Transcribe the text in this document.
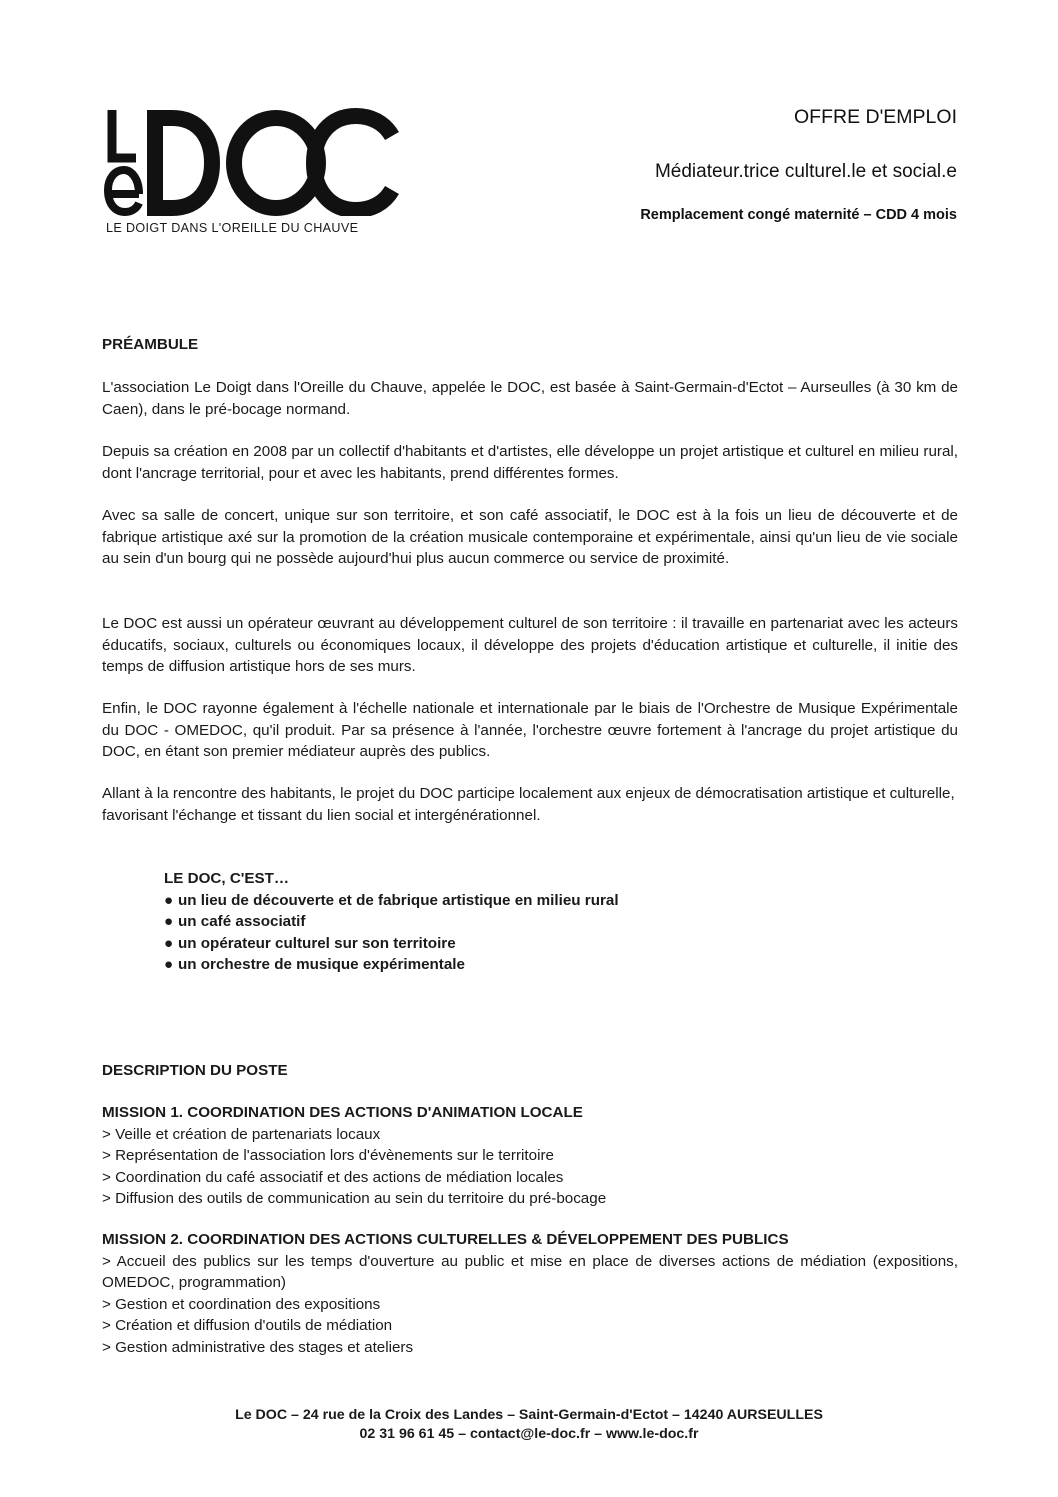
LE DOIGT DANS L'OREILLE DU CHAUVE
OFFRE D'EMPLOI
Médiateur.trice culturel.le et social.e
Remplacement congé maternité – CDD 4 mois

PRÉAMBULE

L'association Le Doigt dans l'Oreille du Chauve, appelée le DOC, est basée à Saint-Germain-d'Ectot – Aurseulles (à 30 km de Caen), dans le pré-bocage normand.

Depuis sa création en 2008 par un collectif d'habitants et d'artistes, elle développe un projet artistique et culturel en milieu rural, dont l'ancrage territorial, pour et avec les habitants, prend différentes formes.

Avec sa salle de concert, unique sur son territoire, et son café associatif, le DOC est à la fois un lieu de découverte et de fabrique artistique axé sur la promotion de la création musicale contemporaine et expérimentale, ainsi qu'un lieu de vie sociale au sein d'un bourg qui ne possède aujourd'hui plus aucun commerce ou service de proximité.

Le DOC est aussi un opérateur œuvrant au développement culturel de son territoire : il travaille en partenariat avec les acteurs éducatifs, sociaux, culturels ou économiques locaux, il développe des projets d'éducation artistique et culturelle, il initie des temps de diffusion artistique hors de ses murs.

Enfin, le DOC rayonne également à l'échelle nationale et internationale par le biais de l'Orchestre de Musique Expérimentale du DOC - OMEDOC, qu'il produit. Par sa présence à l'année, l'orchestre œuvre fortement à l'ancrage du projet artistique du DOC, en étant son premier médiateur auprès des publics.

Allant à la rencontre des habitants, le projet du DOC participe localement aux enjeux de démocratisation artistique et culturelle, favorisant l'échange et tissant du lien social et intergénérationnel.

LE DOC, C'EST…

● un lieu de découverte et de fabrique artistique en milieu rural

● un café associatif

● un opérateur culturel sur son territoire

● un orchestre de musique expérimentale

DESCRIPTION DU POSTE

MISSION 1. COORDINATION DES ACTIONS D'ANIMATION LOCALE

> Veille et création de partenariats locaux

> Représentation de l'association lors d'évènements sur le territoire

> Coordination du café associatif et des actions de médiation locales

> Diffusion des outils de communication au sein du territoire du pré-bocage

MISSION 2. COORDINATION DES ACTIONS CULTURELLES & DÉVELOPPEMENT DES PUBLICS

> Accueil des publics sur les temps d'ouverture au public et mise en place de diverses actions de médiation (expositions, OMEDOC, programmation)

> Gestion et coordination des expositions

> Création et diffusion d'outils de médiation

> Gestion administrative des stages et ateliers

Le DOC – 24 rue de la Croix des Landes – Saint-Germain-d'Ectot – 14240 AURSEULLES
02 31 96 61 45 – contact@le-doc.fr – www.le-doc.fr
